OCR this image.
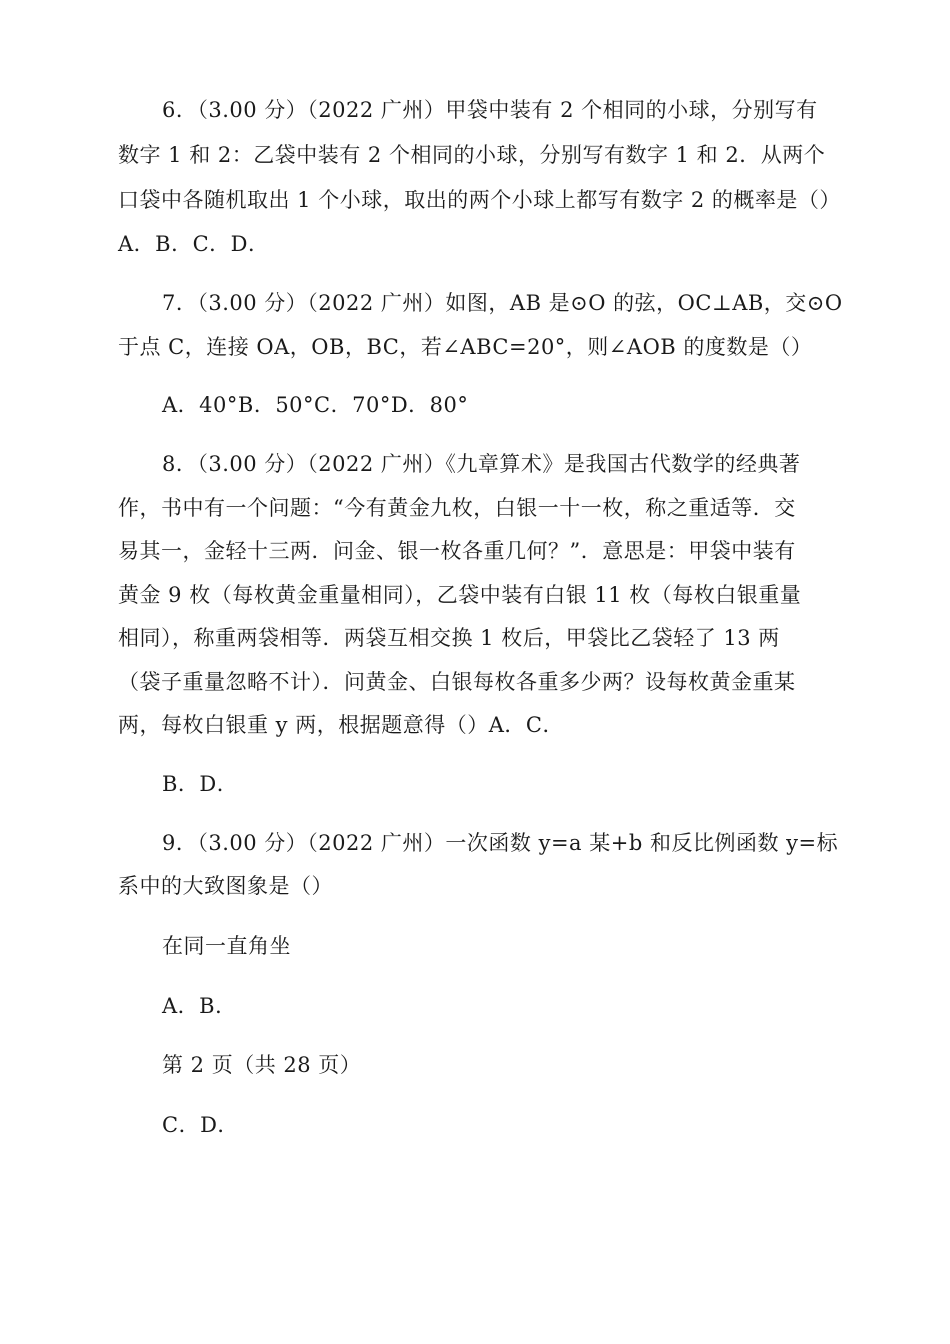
6．（3.00 分）（2022 广州）甲袋中装有 2 个相同的小球，分别写有
数字 1 和 2：乙袋中装有 2 个相同的小球，分别写有数字 1 和 2．从两个
口袋中各随机取出 1 个小球，取出的两个小球上都写有数字 2 的概率是（）
A．B．C．D．
7．（3.00 分）（2022 广州）如图，AB 是⊙O 的弦，OC⊥AB，交⊙O
于点 C，连接 OA，OB，BC，若∠ABC=20°，则∠AOB 的度数是（）
A．40°B．50°C．70°D．80°
8．（3.00 分）（2022 广州）《九章算术》是我国古代数学的经典著
作，书中有一个问题：“今有黄金九枚，白银一十一枚，称之重适等．交
易其一，金轻十三两．问金、银一枚各重几何？”．意思是：甲袋中装有
黄金 9 枚（每枚黄金重量相同），乙袋中装有白银 11 枚（每枚白银重量
相同），称重两袋相等．两袋互相交换 1 枚后，甲袋比乙袋轻了 13 两
（袋子重量忽略不计）．问黄金、白银每枚各重多少两？设每枚黄金重某
两，每枚白银重 y 两，根据题意得（）A．C．
B．D．
9．（3.00 分）（2022 广州）一次函数 y=a 某+b 和反比例函数 y=标
系中的大致图象是（）
在同一直角坐
A．B．
第 2 页（共 28 页）
C．D．
